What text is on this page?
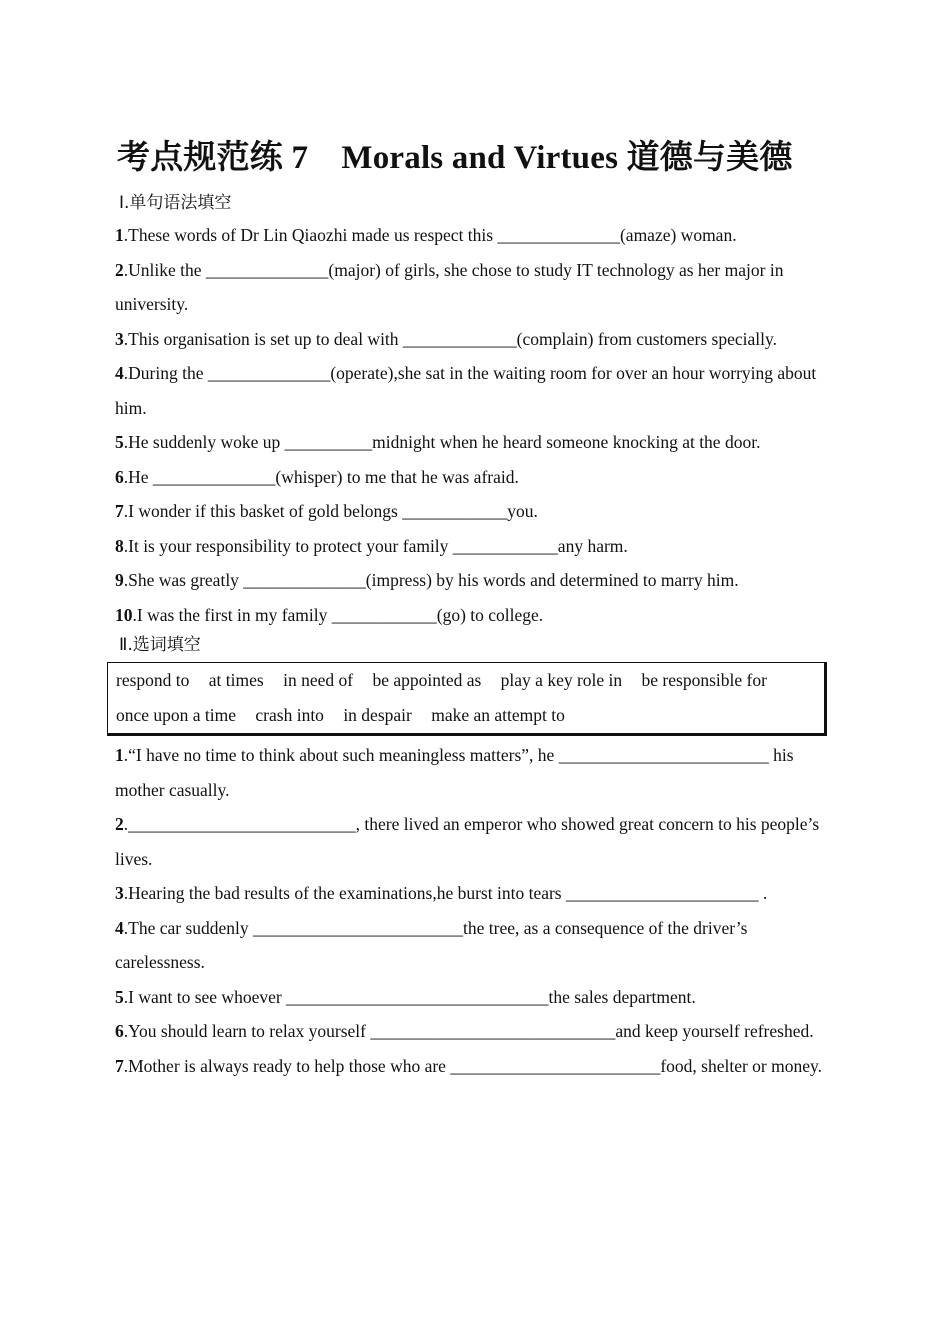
考点规范练 7　Morals and Virtues 道德与美德
Ⅰ.单句语法填空

1.These words of Dr Lin Qiaozhi made us respect this ______________(amaze) woman.

2.Unlike the ______________(major) of girls, she chose to study IT technology as her major in university.

3.This organisation is set up to deal with _____________(complain) from customers specially.

4.During the ______________(operate),she sat in the waiting room for over an hour worrying about him.

5.He suddenly woke up __________midnight when he heard someone knocking at the door.

6.He ______________(whisper) to me that he was afraid.

7.I wonder if this basket of gold belongs ____________you.

8.It is your responsibility to protect your family ____________any harm.

9.She was greatly ______________(impress) by his words and determined to marry him.

10.I was the first in my family ____________(go) to college.

Ⅱ.选词填空
respond to at times in need of be appointed as play a key role in be responsible for
once upon a time crash into in despair make an attempt to

1.“I have no time to think about such meaningless matters”, he ________________________ his mother casually.

2.__________________________, there lived an emperor who showed great concern to his people’s lives.

3.Hearing the bad results of the examinations,he burst into tears ______________________ .

4.The car suddenly ________________________the tree, as a consequence of the driver’s carelessness.

5.I want to see whoever ______________________________the sales department.

6.You should learn to relax yourself ____________________________and keep yourself refreshed.

7.Mother is always ready to help those who are ________________________food, shelter or money.
